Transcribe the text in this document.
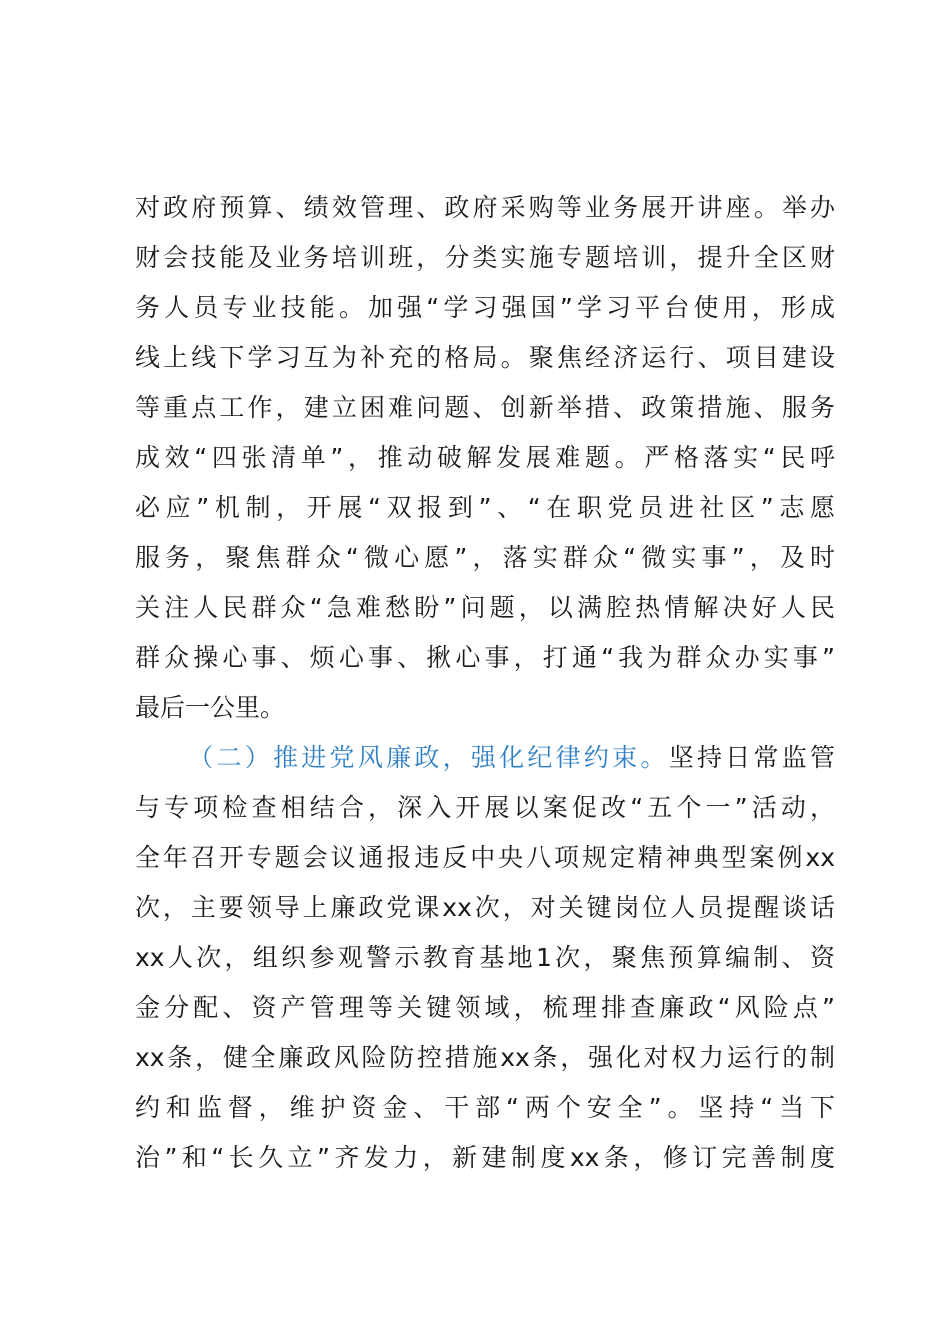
对政府预算、绩效管理、政府采购等业务展开讲座。举办
财会技能及业务培训班，分类实施专题培训，提升全区财
务人员专业技能。加强“学习强国”学习平台使用，形成
线上线下学习互为补充的格局。聚焦经济运行、项目建设
等重点工作，建立困难问题、创新举措、政策措施、服务
成效“四张清单”，推动破解发展难题。严格落实“民呼
必应”机制，开展“双报到”、“在职党员进社区”志愿
服务，聚焦群众“微心愿”，落实群众“微实事”，及时
关注人民群众“急难愁盼”问题，以满腔热情解决好人民
群众操心事、烦心事、揪心事，打通“我为群众办实事”
最后一公里。
（二）推进党风廉政，强化纪律约束。坚持日常监管
与专项检查相结合，深入开展以案促改“五个一”活动，
全年召开专题会议通报违反中央八项规定精神典型案例xx
次，主要领导上廉政党课xx次，对关键岗位人员提醒谈话
xx人次，组织参观警示教育基地1次，聚焦预算编制、资
金分配、资产管理等关键领域，梳理排查廉政“风险点”
xx条，健全廉政风险防控措施xx条，强化对权力运行的制
约和监督，维护资金、干部“两个安全”。坚持“当下
治”和“长久立”齐发力，新建制度xx条，修订完善制度
